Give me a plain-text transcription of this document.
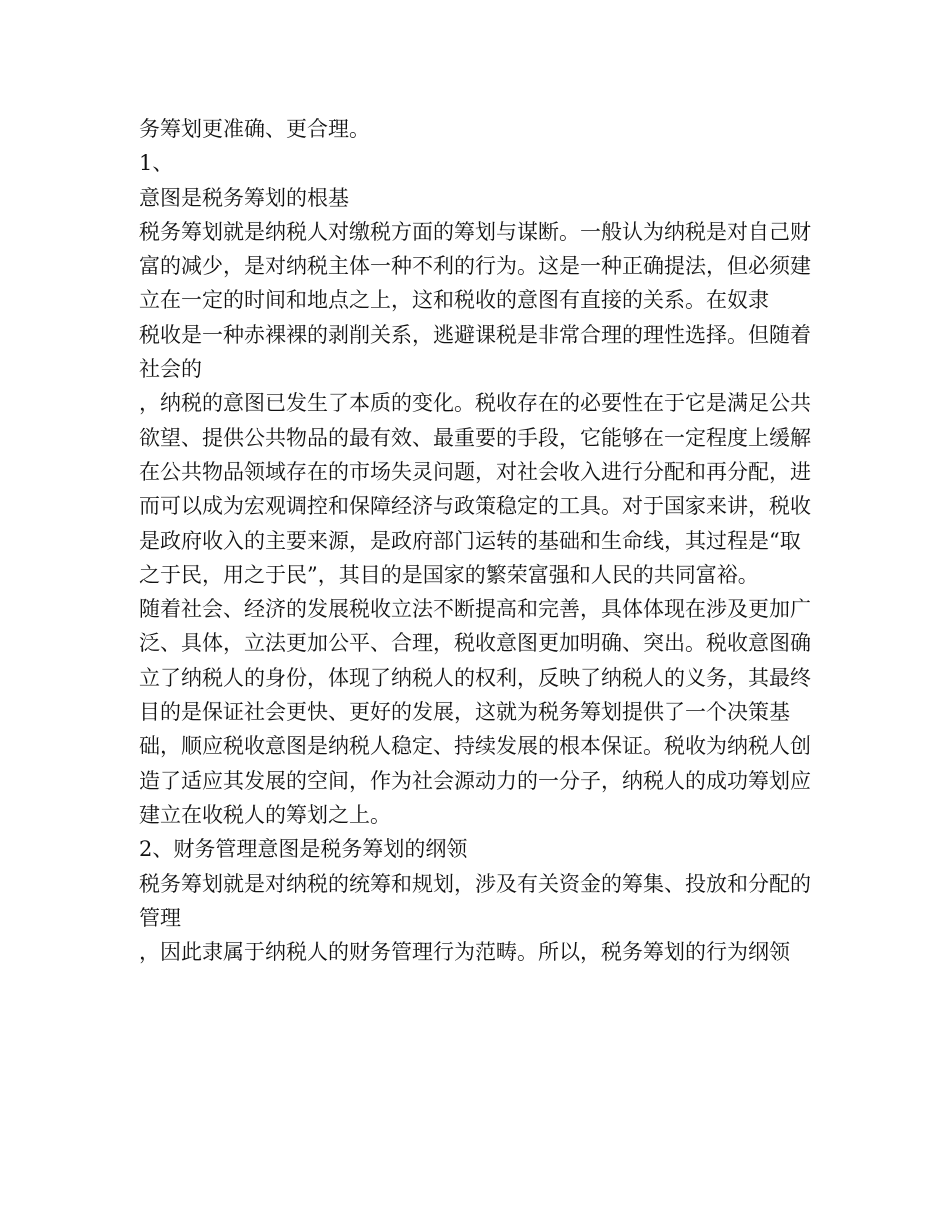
务筹划更准确、更合理。

1、

意图是税务筹划的根基

税务筹划就是纳税人对缴税方面的筹划与谋断。一般认为纳税是对自己财富的减少，是对纳税主体一种不利的行为。这是一种正确提法，但必须建立在一定的时间和地点之上，这和税收的意图有直接的关系。在奴隶

税收是一种赤裸裸的剥削关系，逃避课税是非常合理的理性选择。但随着社会的

，纳税的意图已发生了本质的变化。税收存在的必要性在于它是满足公共欲望、提供公共物品的最有效、最重要的手段，它能够在一定程度上缓解在公共物品领域存在的市场失灵问题，对社会收入进行分配和再分配，进而可以成为宏观调控和保障经济与政策稳定的工具。对于国家来讲，税收是政府收入的主要来源，是政府部门运转的基础和生命线，其过程是“取之于民，用之于民”，其目的是国家的繁荣富强和人民的共同富裕。

随着社会、经济的发展税收立法不断提高和完善，具体体现在涉及更加广泛、具体，立法更加公平、合理，税收意图更加明确、突出。税收意图确立了纳税人的身份，体现了纳税人的权利，反映了纳税人的义务，其最终目的是保证社会更快、更好的发展，这就为税务筹划提供了一个决策基础，顺应税收意图是纳税人稳定、持续发展的根本保证。税收为纳税人创造了适应其发展的空间，作为社会源动力的一分子，纳税人的成功筹划应建立在收税人的筹划之上。

2、财务管理意图是税务筹划的纲领

税务筹划就是对纳税的统筹和规划，涉及有关资金的筹集、投放和分配的管理

，因此隶属于纳税人的财务管理行为范畴。所以，税务筹划的行为纲领
